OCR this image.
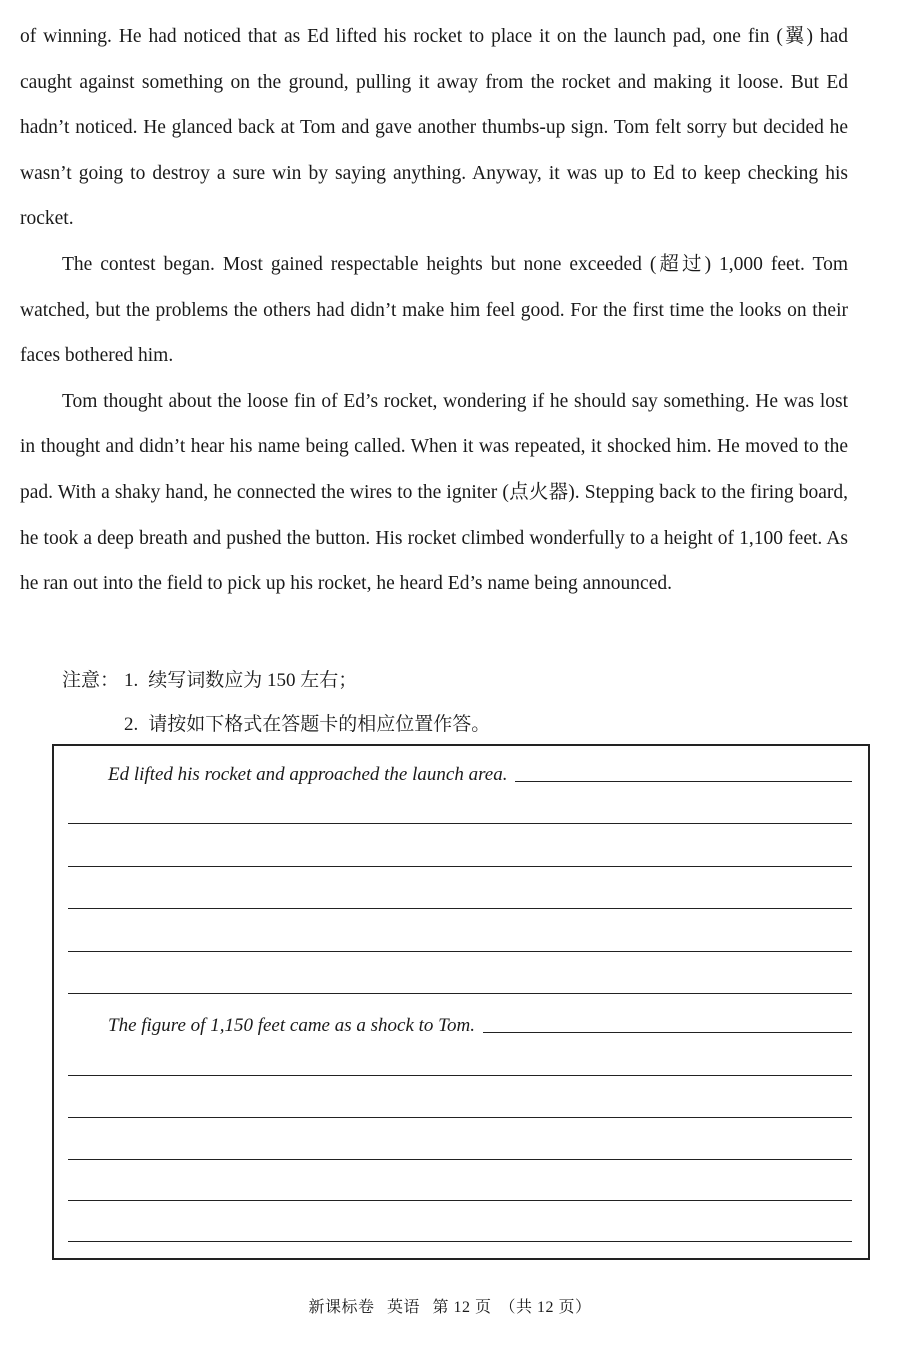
of winning. He had noticed that as Ed lifted his rocket to place it on the launch pad, one fin (翼) had caught against something on the ground, pulling it away from the rocket and making it loose. But Ed hadn’t noticed. He glanced back at Tom and gave another thumbs-up sign. Tom felt sorry but decided he wasn’t going to destroy a sure win by saying anything. Anyway, it was up to Ed to keep checking his rocket.

The contest began. Most gained respectable heights but none exceeded (超过) 1,000 feet. Tom watched, but the problems the others had didn’t make him feel good. For the first time the looks on their faces bothered him.

Tom thought about the loose fin of Ed’s rocket, wondering if he should say something. He was lost in thought and didn’t hear his name being called. When it was repeated, it shocked him. He moved to the pad. With a shaky hand, he connected the wires to the igniter (点火器). Stepping back to the firing board, he took a deep breath and pushed the button. His rocket climbed wonderfully to a height of 1,100 feet. As he ran out into the field to pick up his rocket, he heard Ed’s name being announced.

注意： 1. 续写词数应为 150 左右；
2. 请按如下格式在答题卡的相应位置作答。
Ed lifted his rocket and approached the launch area.
The figure of 1,150 feet came as a shock to Tom.
新课标卷 英语 第 12 页 （共 12 页）
